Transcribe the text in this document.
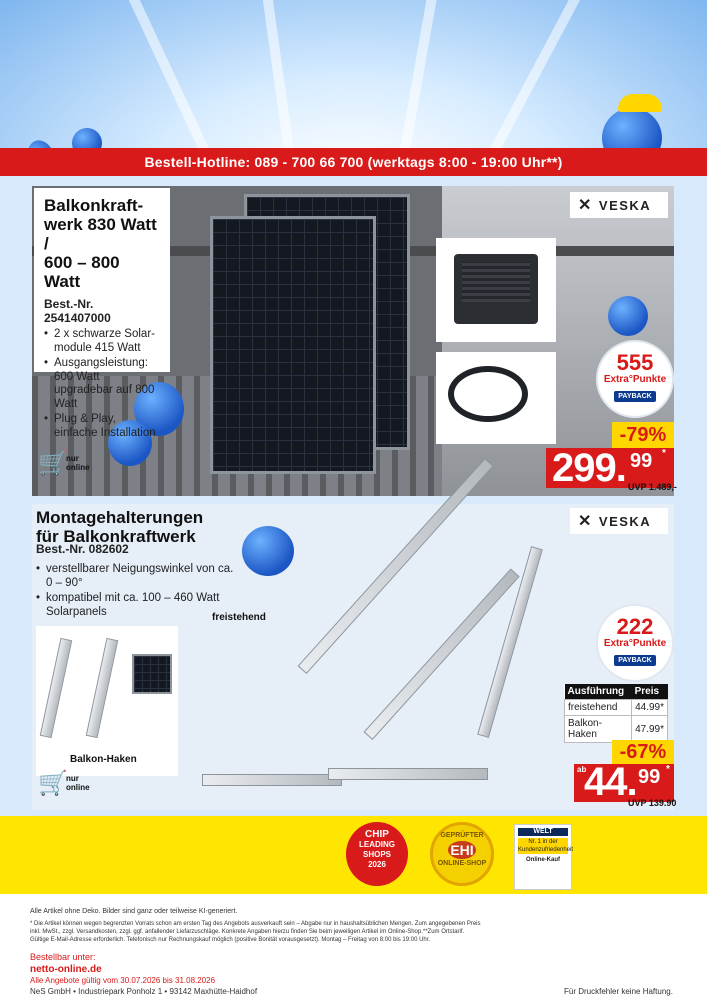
Bestell-Hotline: 089 - 700 66 700 (werktags 8:00 - 19:00 Uhr**)
🛒
nur
online
Balkonkraft-
werk 830 Watt /
600 – 800 Watt
Best.-Nr. 2541407000
• 2 x schwarze Solar-module 415 Watt
• Ausgangsleistung: 600 Watt upgradebar auf 800 Watt
• Plug & Play, einfache Installation
✕ VESKA
555
Extra°Punkte
PAYBACK
-79%
299. 99 *
UVP 1.489,-
Montagehalterungen
für Balkonkraftwerk
Best.-Nr. 082602
• verstellbarer Neigungswinkel von ca. 0 – 90°
• kompatibel mit ca. 100 – 460 Watt Solarpanels	freistehend
Balkon-Haken
🛒
nur
online
Ausführung	Preis
freistehend	44.99*
Balkon-Haken	47.99*
✕ VESKA
222
Extra°Punkte
PAYBACK
-67%
ab
44. 99 *
UVP 139.90
CHIP
LEADING
SHOPS
2026
GEPRÜFTER
EHI
ONLINE-SHOP
WELT
Nr. 1 in der Kundenzufriedenheit
Online-Kauf
Alle Artikel ohne Deko. Bilder sind ganz oder teilweise KI-generiert.
* Die Artikel können wegen begrenzten Vorrats schon am ersten Tag des Angebots ausverkauft sein – Abgabe nur in haushaltsüblichen Mengen. Zum angegebenen Preis
inkl. MwSt., zzgl. Versandkosten, zzgl. ggf. anfallender Liefarzuschläge. Konkrete Angaben hierzu finden Sie beim jeweiligen Artikel im Online-Shop.**Zum Ortstarif.
Gültige E-Mail-Adresse erforderlich. Telefonisch nur Rechnungskauf möglich (positive Bonität vorausgesetzt). Montag – Freitag von 8:00 bis 19:00 Uhr.
Bestellbar unter:
netto-online.de
Alle Angebote gültig vom 30.07.2026 bis 31.08.2026
NeS GmbH • Industriepark Ponholz 1 • 93142 Maxhütte-Haidhof	Für Druckfehler keine Haftung.
